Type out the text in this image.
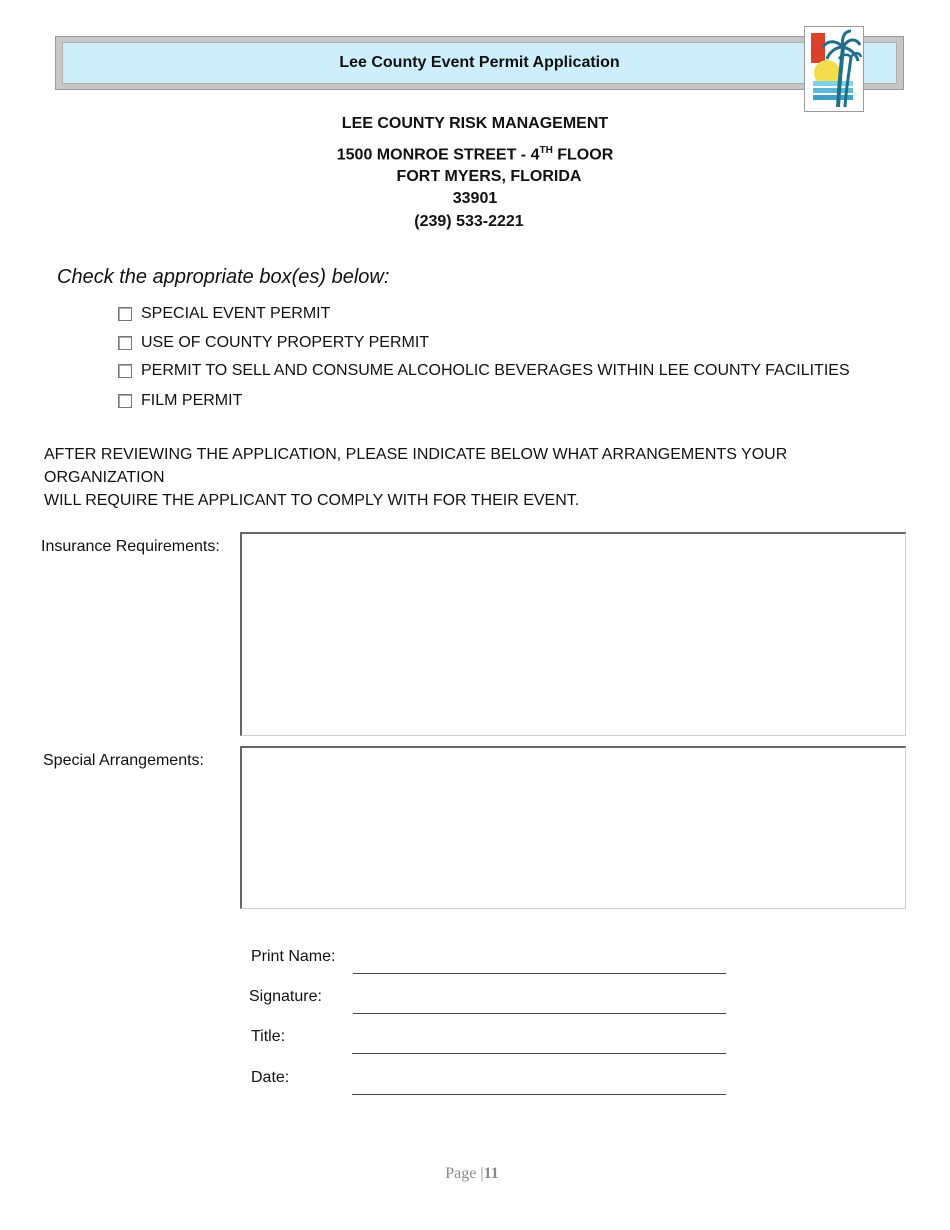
Lee County Event Permit Application
LEE COUNTY RISK MANAGEMENT
1500 MONROE STREET - 4TH FLOOR
FORT MYERS, FLORIDA
33901
(239) 533-2221
Check the appropriate box(es) below:
SPECIAL EVENT PERMIT
USE OF COUNTY PROPERTY PERMIT
PERMIT TO SELL AND CONSUME ALCOHOLIC BEVERAGES WITHIN LEE COUNTY FACILITIES
FILM PERMIT
AFTER REVIEWING THE APPLICATION, PLEASE INDICATE BELOW WHAT ARRANGEMENTS YOUR ORGANIZATION
WILL REQUIRE THE APPLICANT TO COMPLY WITH FOR THEIR EVENT.
Insurance Requirements:
Special Arrangements:
Print Name:
Signature:
Title:
Date:
Page |11
